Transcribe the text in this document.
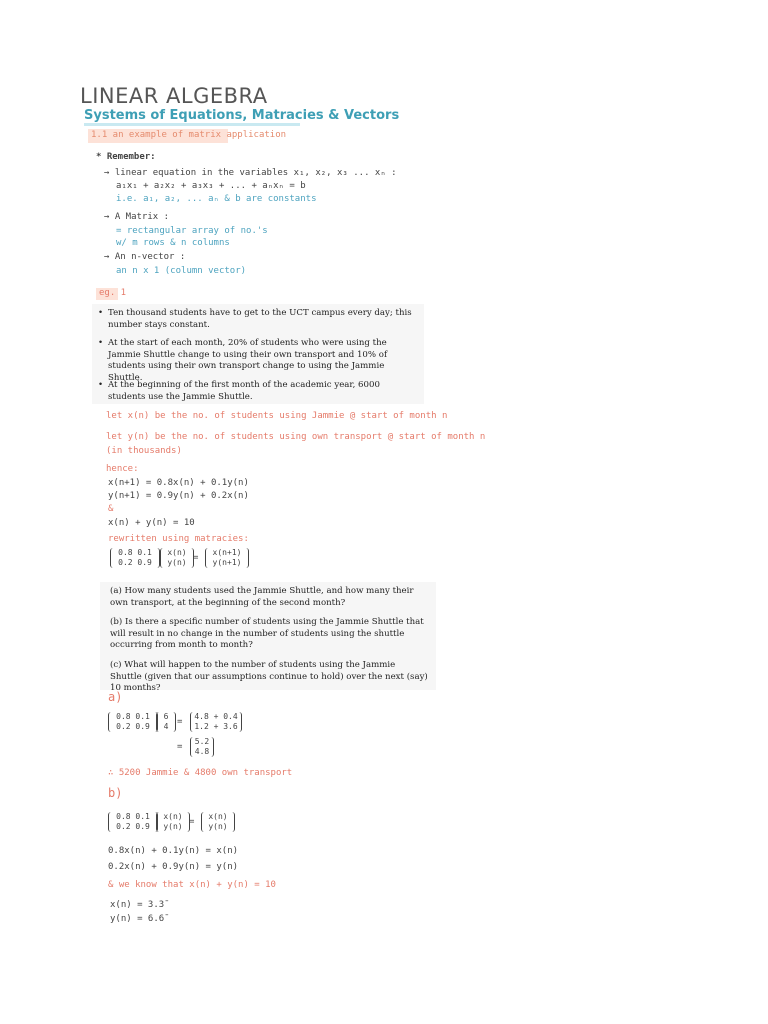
LINEAR ALGEBRA
Systems of Equations, Matracies & Vectors
1.1 an example of matrix application
* Remember:
→ linear equation in the variables x₁, x₂, x₃ ... xₙ :
a₁x₁ + a₂x₂ + a₃x₃ + ... + aₙxₙ = b
i.e. a₁, a₂, ... aₙ & b are constants
→ A Matrix :
= rectangular array of no.'s
w/ m rows & n columns
→ An n-vector :
an n x 1 (column vector)
eg. 1
• Ten thousand students have to get to the UCT campus every day; this number stays constant.

• At the start of each month, 20% of students who were using the Jammie Shuttle change to using their own transport and 10% of students using their own transport change to using the Jammie Shuttle.

• At the beginning of the first month of the academic year, 6000 students use the Jammie Shuttle.

let x(n) be the no. of students using Jammie @ start of month n
let y(n) be the no. of students using own transport @ start of month n
(in thousands)
hence:
x(n+1) = 0.8x(n) + 0.1y(n)
y(n+1) = 0.9y(n) + 0.2x(n)
&
x(n) + y(n) = 10
rewritten using matracies:
0.8 0.1
0.2 0.9
x(n)
y(n) =
x(n+1)
y(n+1)

(a) How many students used the Jammie Shuttle, and how many their own transport, at the beginning of the second month?

(b) Is there a specific number of students using the Jammie Shuttle that will result in no change in the number of students using the shuttle occurring from month to month?

(c) What will happen to the number of students using the Jammie Shuttle (given that our assumptions continue to hold) over the next (say) 10 months?

a)
0.8 0.1
0.2 0.9
6
4 =
4.8 + 0.4
1.2 + 3.6
=
5.2
4.8
∴ 5200 Jammie & 4800 own transport
b)
0.8 0.1
0.2 0.9
x(n)
y(n) =
x(n)
y(n)
0.8x(n) + 0.1y(n) = x(n)
0.2x(n) + 0.9y(n) = y(n)
& we know that x(n) + y(n) = 10
x(n) = 3.3̄
y(n) = 6.6̄
